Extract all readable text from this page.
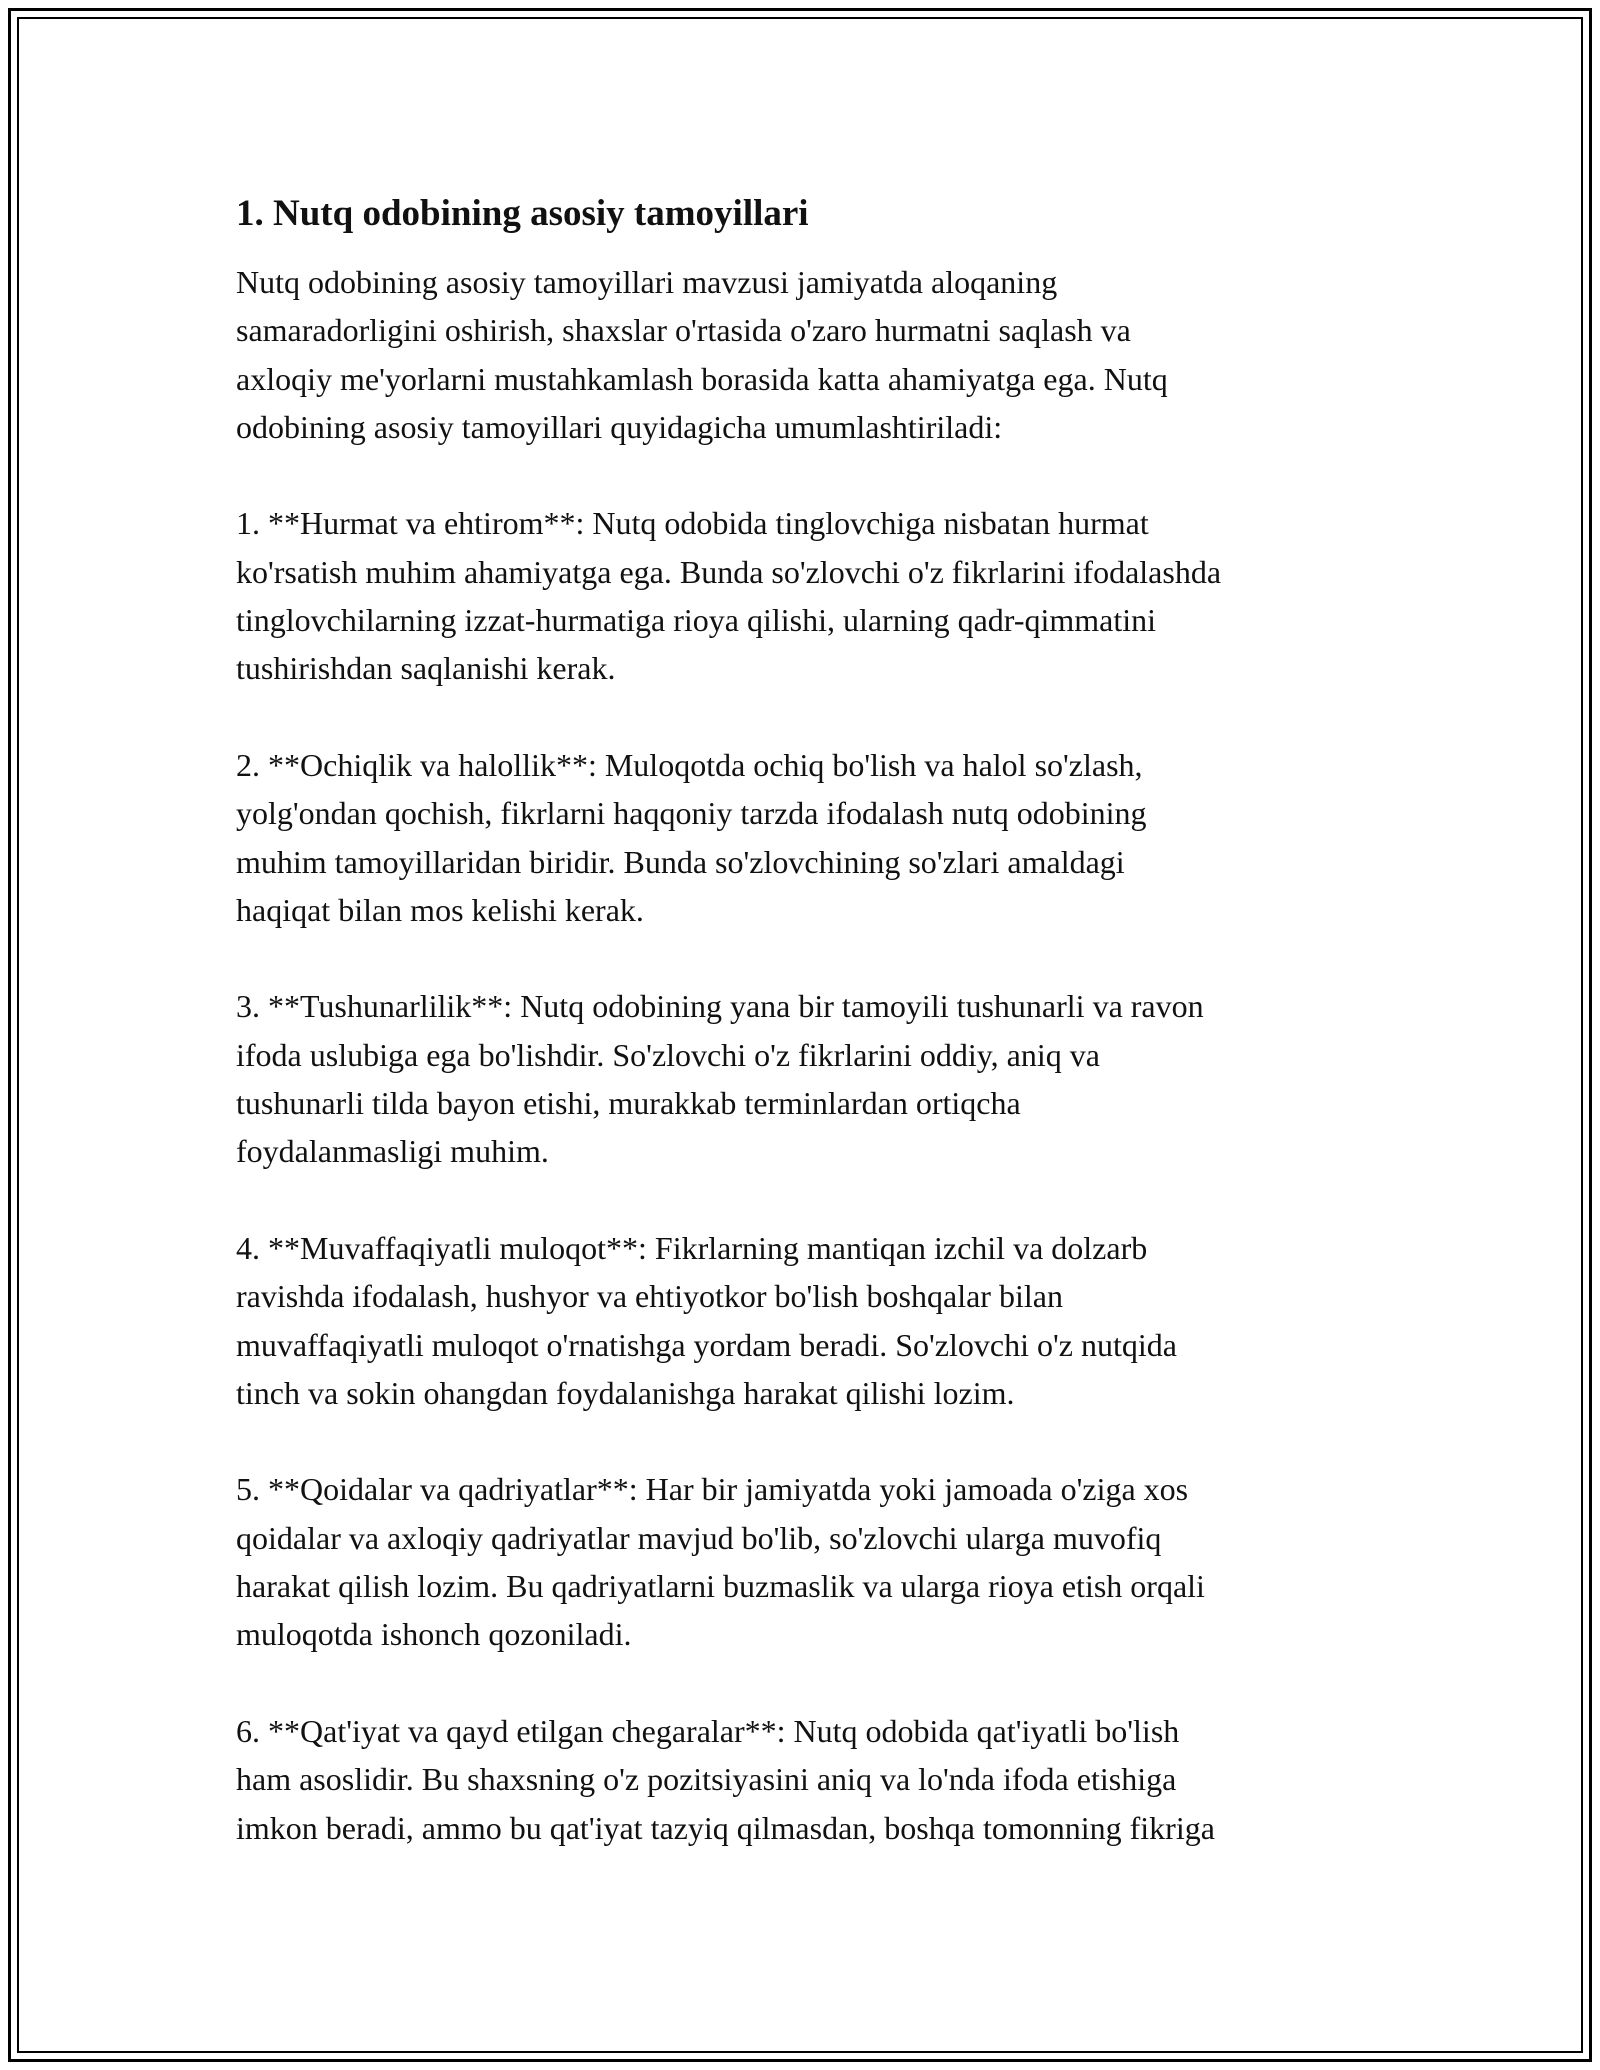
1. Nutq odobining asosiy tamoyillari

Nutq odobining asosiy tamoyillari mavzusi jamiyatda aloqaning
samaradorligini oshirish, shaxslar o'rtasida o'zaro hurmatni saqlash va
axloqiy me'yorlarni mustahkamlash borasida katta ahamiyatga ega. Nutq
odobining asosiy tamoyillari quyidagicha umumlashtiriladi:

1. **Hurmat va ehtirom**: Nutq odobida tinglovchiga nisbatan hurmat
ko'rsatish muhim ahamiyatga ega. Bunda so'zlovchi o'z fikrlarini ifodalashda
tinglovchilarning izzat-hurmatiga rioya qilishi, ularning qadr-qimmatini
tushirishdan saqlanishi kerak.

2. **Ochiqlik va halollik**: Muloqotda ochiq bo'lish va halol so'zlash,
yolg'ondan qochish, fikrlarni haqqoniy tarzda ifodalash nutq odobining
muhim tamoyillaridan biridir. Bunda so'zlovchining so'zlari amaldagi
haqiqat bilan mos kelishi kerak.

3. **Tushunarlilik**: Nutq odobining yana bir tamoyili tushunarli va ravon
ifoda uslubiga ega bo'lishdir. So'zlovchi o'z fikrlarini oddiy, aniq va
tushunarli tilda bayon etishi, murakkab terminlardan ortiqcha
foydalanmasligi muhim.

4. **Muvaffaqiyatli muloqot**: Fikrlarning mantiqan izchil va dolzarb
ravishda ifodalash, hushyor va ehtiyotkor bo'lish boshqalar bilan
muvaffaqiyatli muloqot o'rnatishga yordam beradi. So'zlovchi o'z nutqida
tinch va sokin ohangdan foydalanishga harakat qilishi lozim.

5. **Qoidalar va qadriyatlar**: Har bir jamiyatda yoki jamoada o'ziga xos
qoidalar va axloqiy qadriyatlar mavjud bo'lib, so'zlovchi ularga muvofiq
harakat qilish lozim. Bu qadriyatlarni buzmaslik va ularga rioya etish orqali
muloqotda ishonch qozoniladi.

6. **Qat'iyat va qayd etilgan chegaralar**: Nutq odobida qat'iyatli bo'lish
ham asoslidir. Bu shaxsning o'z pozitsiyasini aniq va lo'nda ifoda etishiga
imkon beradi, ammo bu qat'iyat tazyiq qilmasdan, boshqa tomonning fikriga
